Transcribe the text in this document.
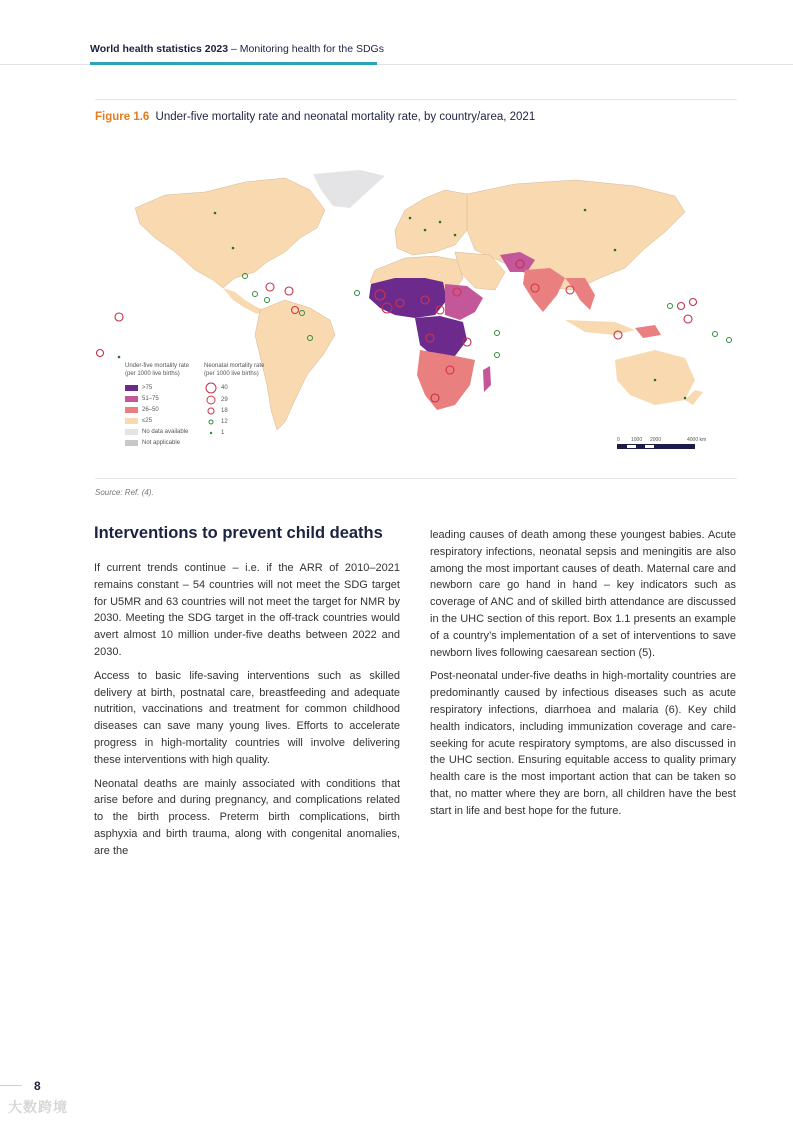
World health statistics 2023 – Monitoring health for the SDGs
Figure 1.6 Under-five mortality rate and neonatal mortality rate, by country/area, 2021
Under-five mortality rate
(per 1000 live births)
>75
51–75
26–50
≤25
No data available
Not applicable
Neonatal mortality rate
(per 1000 live births)
40
29
18
12
1
0 1000 2000	4000 km
Source: Ref. (4).
Interventions to prevent child deaths

If current trends continue – i.e. if the ARR of 2010–2021 remains constant – 54 countries will not meet the SDG target for U5MR and 63 countries will not meet the target for NMR by 2030. Meeting the SDG target in the off-track countries would avert almost 10 million under-five deaths between 2022 and 2030.

Access to basic life-saving interventions such as skilled delivery at birth, postnatal care, breastfeeding and adequate nutrition, vaccinations and treatment for common childhood diseases can save many young lives. Efforts to accelerate progress in high-mortality countries will involve delivering these interventions with high quality.

Neonatal deaths are mainly associated with conditions that arise before and during pregnancy, and complications related to the birth process. Preterm birth complications, birth asphyxia and birth trauma, along with congenital anomalies, are the

leading causes of death among these youngest babies. Acute respiratory infections, neonatal sepsis and meningitis are also among the most important causes of death. Maternal care and newborn care go hand in hand – key indicators such as coverage of ANC and of skilled birth attendance are discussed in the UHC section of this report. Box 1.1 presents an example of a country’s implementation of a set of interventions to save newborn lives following caesarean section (5).

Post-neonatal under-five deaths in high-mortality countries are predominantly caused by infectious diseases such as acute respiratory infections, diarrhoea and malaria (6). Key child health indicators, including immunization coverage and care-seeking for acute respiratory symptoms, are also discussed in the UHC section. Ensuring equitable access to quality primary health care is the most important action that can be taken so that, no matter where they are born, all children have the best start in life and best hope for the future.

8
大数跨境
